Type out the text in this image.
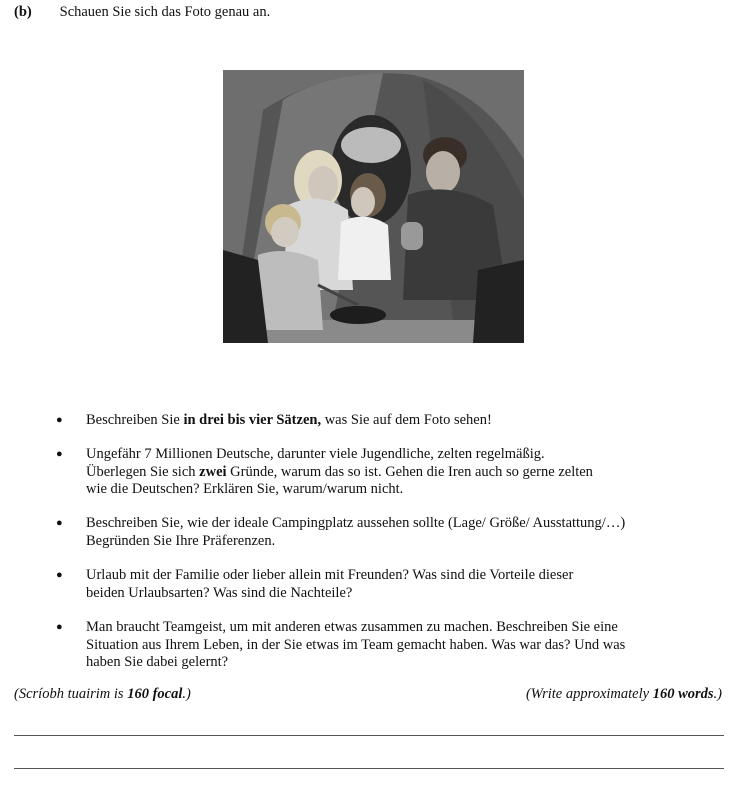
(b) Schauen Sie sich das Foto genau an.

● Beschreiben Sie in drei bis vier Sätzen, was Sie auf dem Foto sehen!

● Ungefähr 7 Millionen Deutsche, darunter viele Jugendliche, zelten regelmäßig.
Überlegen Sie sich zwei Gründe, warum das so ist. Gehen die Iren auch so gerne zelten
wie die Deutschen? Erklären Sie, warum/warum nicht.

● Beschreiben Sie, wie der ideale Campingplatz aussehen sollte (Lage/ Größe/ Ausstattung/…)
Begründen Sie Ihre Präferenzen.

● Urlaub mit der Familie oder lieber allein mit Freunden? Was sind die Vorteile dieser
beiden Urlaubsarten? Was sind die Nachteile?

● Man braucht Teamgeist, um mit anderen etwas zusammen zu machen. Beschreiben Sie eine
Situation aus Ihrem Leben, in der Sie etwas im Team gemacht haben. Was war das? Und was
haben Sie dabei gelernt?

(Scríobh tuairim is 160 focal.)	(Write approximately 160 words.)
